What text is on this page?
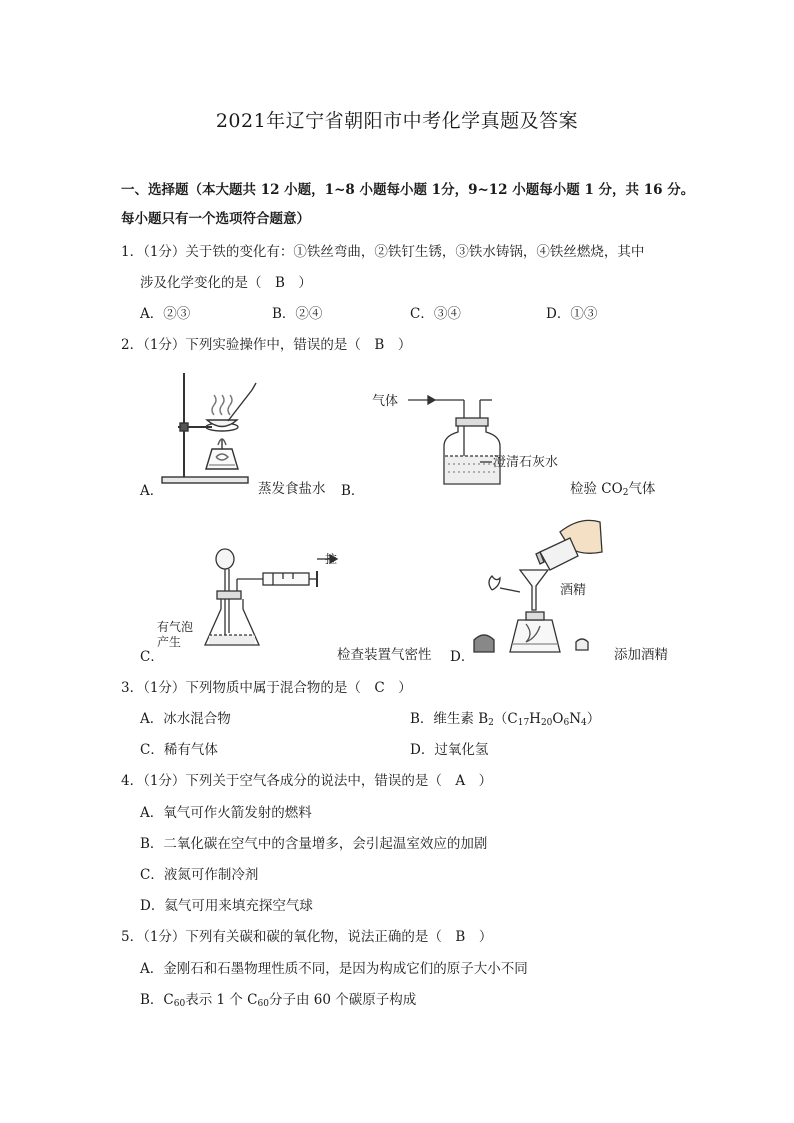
2021年辽宁省朝阳市中考化学真题及答案
一、选择题（本大题共 12 小题，1~8 小题每小题 1分，9~12 小题每小题 1 分，共 16 分。
每小题只有一个选项符合题意）
1．（1分）关于铁的变化有：①铁丝弯曲，②铁钉生锈，③铁水铸锅，④铁丝燃烧，其中
涉及化学变化的是（　B　）
A．②③	B．②④	C．③④	D．①③
2．（1分）下列实验操作中，错误的是（　B　）
A．	蒸发食盐水
气体
澄清石灰水
B．	检验 $CO_2$气体
拉
有气泡
产生
C．	检查装置气密性
酒精
D．	添加酒精
3．（1分）下列物质中属于混合物的是（　C　）
A．冰水混合物	B．维生素 $B_2(C_{17}H_{20}O_6N_4)$
C．稀有气体	D．过氧化氢
4．（1分）下列关于空气各成分的说法中，错误的是（　A　）
A．氧气可作火箭发射的燃料
B．二氧化碳在空气中的含量增多，会引起温室效应的加剧
C．液氮可作制冷剂
D．氦气可用来填充探空气球
5．（1分）下列有关碳和碳的氧化物，说法正确的是（　B　）
A．金刚石和石墨物理性质不同，是因为构成它们的原子大小不同
B．$C_{60}$表示 1 个 $C_{60}$分子由 60 个碳原子构成
